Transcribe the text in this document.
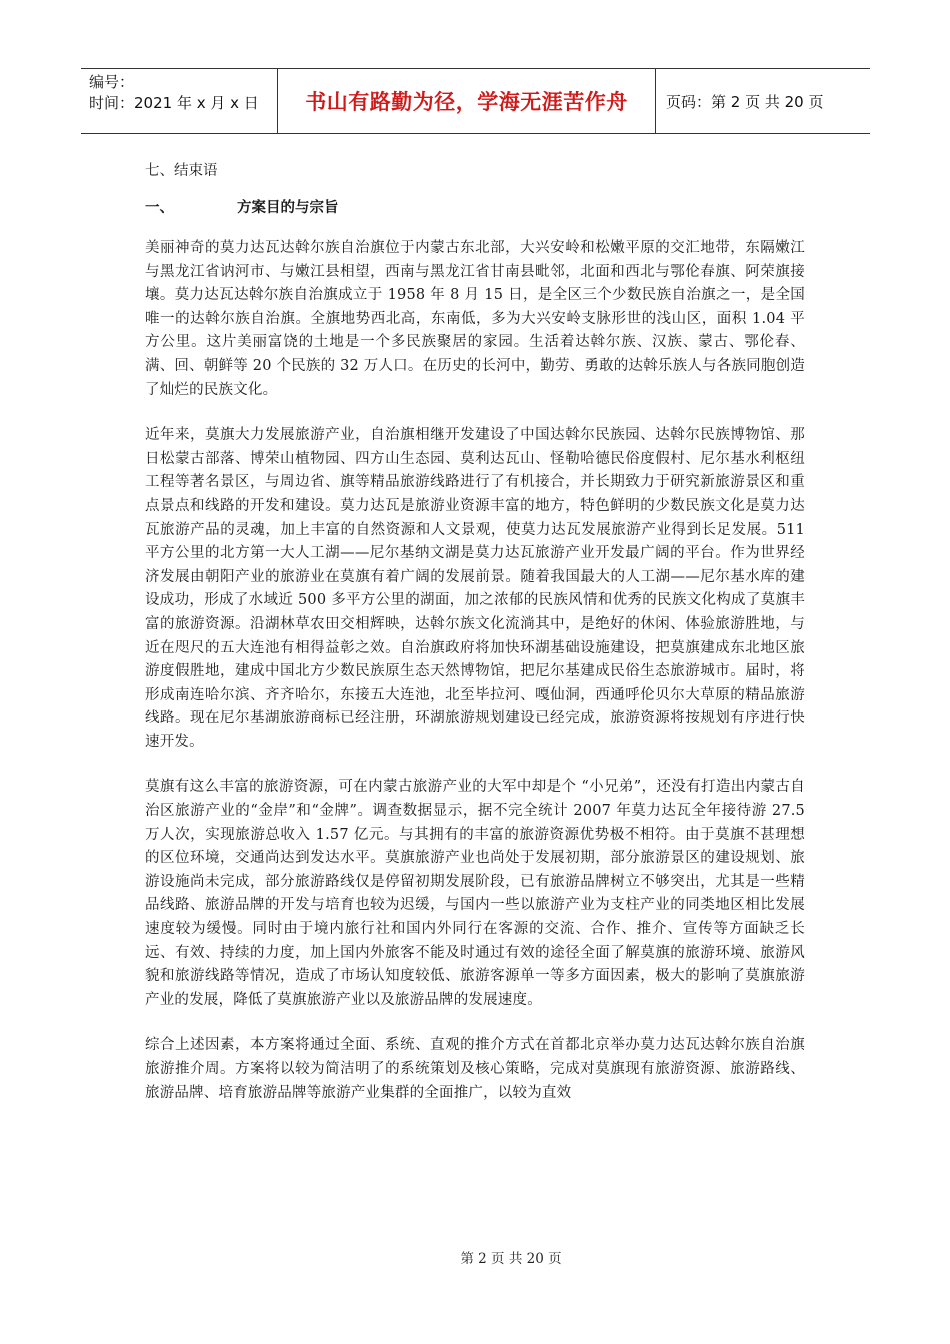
编号：
时间：2021 年 x 月 x 日	书山有路勤为径，学海无涯苦作舟	页码：第 2 页 共 20 页
七、结束语
一、	方案目的与宗旨

美丽神奇的莫力达瓦达斡尔族自治旗位于内蒙古东北部，大兴安岭和松嫩平原的交汇地带，东隔嫩江与黑龙江省讷河市、与嫩江县相望，西南与黑龙江省甘南县毗邻，北面和西北与鄂伦春旗、阿荣旗接壤。莫力达瓦达斡尔族自治旗成立于 1958 年 8 月 15 日，是全区三个少数民族自治旗之一，是全国唯一的达斡尔族自治旗。全旗地势西北高，东南低，多为大兴安岭支脉形世的浅山区，面积 1.04 平方公里。这片美丽富饶的土地是一个多民族聚居的家园。生活着达斡尔族、汉族、蒙古、鄂伦春、满、回、朝鲜等 20 个民族的 32 万人口。在历史的长河中，勤劳、勇敢的达斡乐族人与各族同胞创造了灿烂的民族文化。

近年来，莫旗大力发展旅游产业，自治旗相继开发建设了中国达斡尔民族园、达斡尔民族博物馆、那日松蒙古部落、博荣山植物园、四方山生态园、莫利达瓦山、怪勒哈德民俗度假村、尼尔基水利枢纽工程等著名景区，与周边省、旗等精品旅游线路进行了有机接合，并长期致力于研究新旅游景区和重点景点和线路的开发和建设。莫力达瓦是旅游业资源丰富的地方，特色鲜明的少数民族文化是莫力达瓦旅游产品的灵魂，加上丰富的自然资源和人文景观，使莫力达瓦发展旅游产业得到长足发展。511 平方公里的北方第一大人工湖——尼尔基纳文湖是莫力达瓦旅游产业开发最广阔的平台。作为世界经济发展由朝阳产业的旅游业在莫旗有着广阔的发展前景。随着我国最大的人工湖——尼尔基水库的建设成功，形成了水域近 500 多平方公里的湖面，加之浓郁的民族风情和优秀的民族文化构成了莫旗丰富的旅游资源。沿湖林草农田交相辉映，达斡尔族文化流淌其中，是绝好的休闲、体验旅游胜地，与近在咫尺的五大连池有相得益彰之效。自治旗政府将加快环湖基础设施建设，把莫旗建成东北地区旅游度假胜地，建成中国北方少数民族原生态天然博物馆，把尼尔基建成民俗生态旅游城市。届时，将形成南连哈尔滨、齐齐哈尔，东接五大连池，北至毕拉河、嘎仙洞，西通呼伦贝尔大草原的精品旅游线路。现在尼尔基湖旅游商标已经注册，环湖旅游规划建设已经完成，旅游资源将按规划有序进行快速开发。

莫旗有这么丰富的旅游资源，可在内蒙古旅游产业的大军中却是个 “小兄弟”，还没有打造出内蒙古自治区旅游产业的“金岸”和“金牌”。调查数据显示，据不完全统计 2007 年莫力达瓦全年接待游 27.5 万人次，实现旅游总收入 1.57 亿元。与其拥有的丰富的旅游资源优势极不相符。由于莫旗不甚理想的区位环境，交通尚达到发达水平。莫旗旅游产业也尚处于发展初期，部分旅游景区的建设规划、旅游设施尚未完成，部分旅游路线仅是停留初期发展阶段，已有旅游品牌树立不够突出，尤其是一些精品线路、旅游品牌的开发与培育也较为迟缓，与国内一些以旅游产业为支柱产业的同类地区相比发展速度较为缓慢。同时由于境内旅行社和国内外同行在客源的交流、合作、推介、宣传等方面缺乏长远、有效、持续的力度，加上国内外旅客不能及时通过有效的途径全面了解莫旗的旅游环境、旅游风貌和旅游线路等情况，造成了市场认知度较低、旅游客源单一等多方面因素，极大的影响了莫旗旅游产业的发展，降低了莫旗旅游产业以及旅游品牌的发展速度。

综合上述因素，本方案将通过全面、系统、直观的推介方式在首都北京举办莫力达瓦达斡尔族自治旗旅游推介周。方案将以较为简洁明了的系统策划及核心策略，完成对莫旗现有旅游资源、旅游路线、旅游品牌、培育旅游品牌等旅游产业集群的全面推广，以较为直效

第 2 页 共 20 页
